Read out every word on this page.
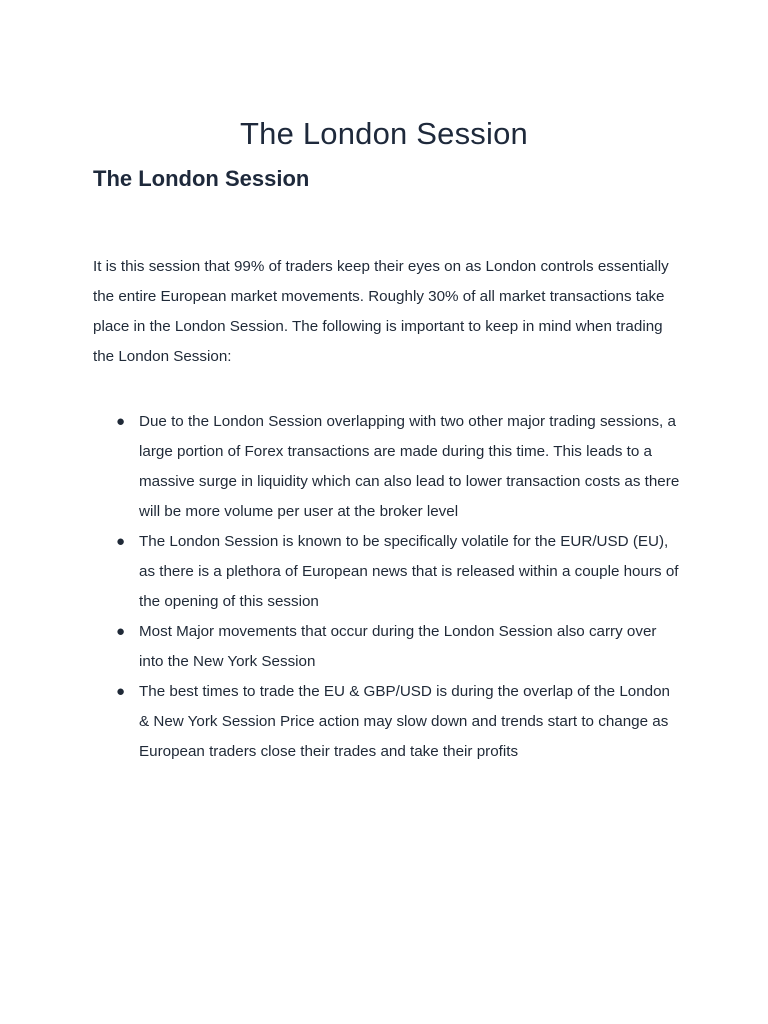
The London Session
The London Session

It is this session that 99% of traders keep their eyes on as London controls essentially the entire European market movements. Roughly 30% of all market transactions take place in the London Session. The following is important to keep in mind when trading the London Session:

● Due to the London Session overlapping with two other major trading sessions, a large portion of Forex transactions are made during this time. This leads to a massive surge in liquidity which can also lead to lower transaction costs as there will be more volume per user at the broker level
● The London Session is known to be specifically volatile for the EUR/USD (EU), as there is a plethora of European news that is released within a couple hours of the opening of this session
● Most Major movements that occur during the London Session also carry over into the New York Session
● The best times to trade the EU & GBP/USD is during the overlap of the London & New York Session Price action may slow down and trends start to change as European traders close their trades and take their profits
